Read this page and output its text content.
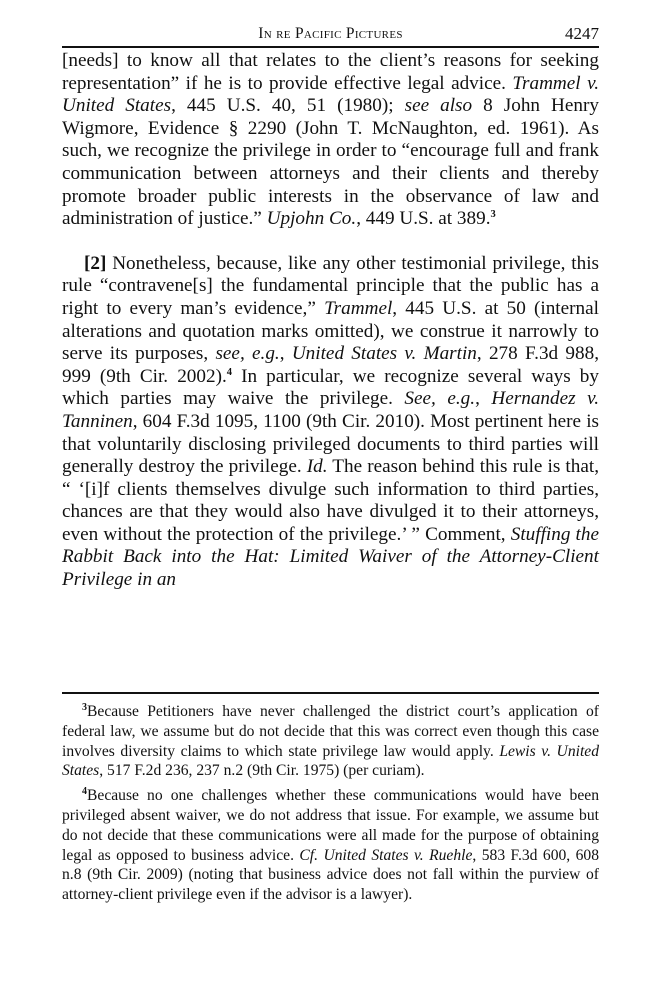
In re Pacific Pictures	4247

[needs] to know all that relates to the client’s reasons for seeking representation” if he is to provide effective legal advice. Trammel v. United States, 445 U.S. 40, 51 (1980); see also 8 John Henry Wigmore, Evidence § 2290 (John T. McNaughton, ed. 1961). As such, we recognize the privilege in order to “encourage full and frank communication between attorneys and their clients and thereby promote broader public interests in the observance of law and administration of justice.” Upjohn Co., 449 U.S. at 389.$^3$

[2] Nonetheless, because, like any other testimonial privilege, this rule “contravene[s] the fundamental principle that the public has a right to every man’s evidence,” Trammel, 445 U.S. at 50 (internal alterations and quotation marks omitted), we construe it narrowly to serve its purposes, see, e.g., United States v. Martin, 278 F.3d 988, 999 (9th Cir. 2002).$^4$ In particular, we recognize several ways by which parties may waive the privilege. See, e.g., Hernandez v. Tanninen, 604 F.3d 1095, 1100 (9th Cir. 2010). Most pertinent here is that voluntarily disclosing privileged documents to third parties will generally destroy the privilege. Id. The reason behind this rule is that, “ ‘[i]f clients themselves divulge such information to third parties, chances are that they would also have divulged it to their attorneys, even without the protection of the privilege.’ ” Comment, Stuffing the Rabbit Back into the Hat: Limited Waiver of the Attorney-Client Privilege in an

$^3$Because Petitioners have never challenged the district court’s application of federal law, we assume but do not decide that this was correct even though this case involves diversity claims to which state privilege law would apply. Lewis v. United States, 517 F.2d 236, 237 n.2 (9th Cir. 1975) (per curiam).

$^4$Because no one challenges whether these communications would have been privileged absent waiver, we do not address that issue. For example, we assume but do not decide that these communications were all made for the purpose of obtaining legal as opposed to business advice. Cf. United States v. Ruehle, 583 F.3d 600, 608 n.8 (9th Cir. 2009) (noting that business advice does not fall within the purview of attorney-client privilege even if the advisor is a lawyer).
